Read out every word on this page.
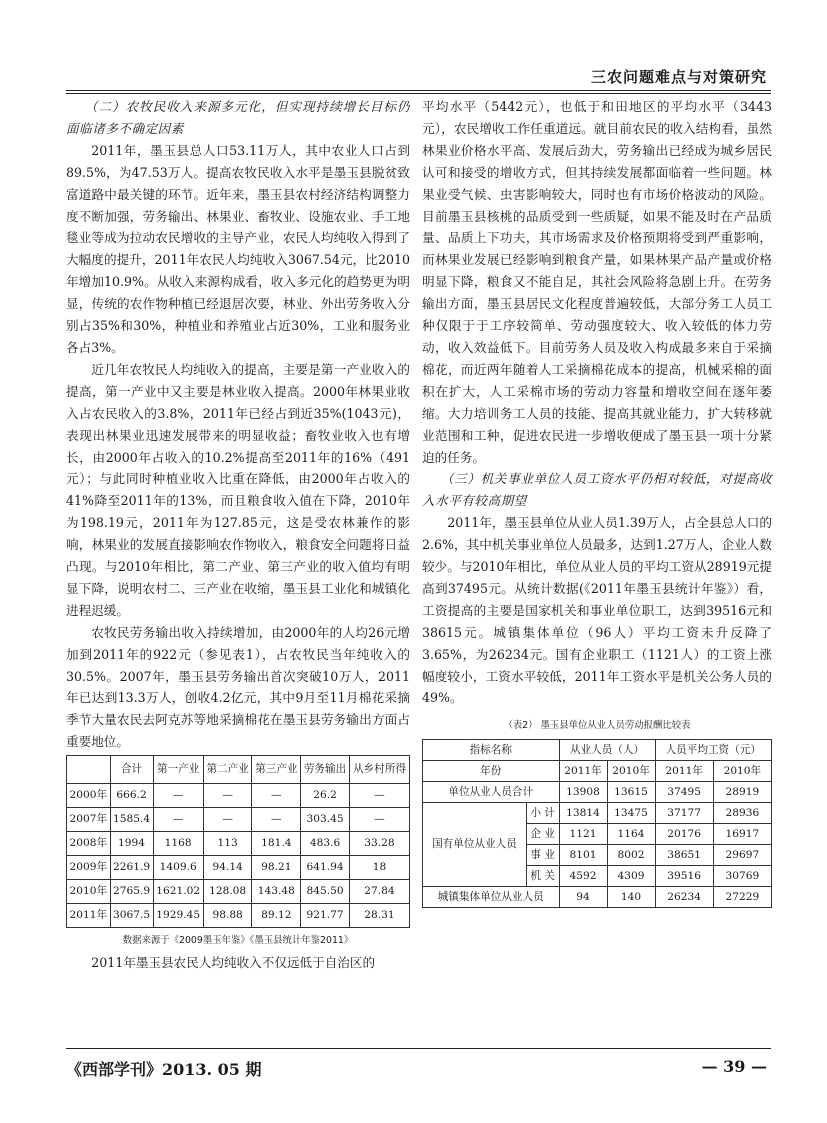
三农问题难点与对策研究

（二）农牧民收入来源多元化，但实现持续增长目标仍面临诸多不确定因素

2011年，墨玉县总人口53.11万人，其中农业人口占到89.5%，为47.53万人。提高农牧民收入水平是墨玉县脱贫致富道路中最关键的环节。近年来，墨玉县农村经济结构调整力度不断加强，劳务输出、林果业、畜牧业、设施农业、手工地毯业等成为拉动农民增收的主导产业，农民人均纯收入得到了大幅度的提升，2011年农民人均纯收入3067.54元，比2010年增加10.9%。从收入来源构成看，收入多元化的趋势更为明显，传统的农作物种植已经退居次要，林业、外出劳务收入分别占35%和30%，种植业和养殖业占近30%，工业和服务业各占3%。

近几年农牧民人均纯收入的提高，主要是第一产业收入的提高，第一产业中又主要是林业收入提高。2000年林果业收入占农民收入的3.8%，2011年已经占到近35%(1043元)，表现出林果业迅速发展带来的明显收益；畜牧业收入也有增长，由2000年占收入的10.2%提高至2011年的16%（491元）；与此同时种植业收入比重在降低，由2000年占收入的41%降至2011年的13%，而且粮食收入值在下降，2010年为198.19元，2011年为127.85元，这是受农林兼作的影响，林果业的发展直接影响农作物收入，粮食安全问题将日益凸现。与2010年相比，第二产业、第三产业的收入值均有明显下降，说明农村二、三产业在收缩，墨玉县工业化和城镇化进程迟缓。

农牧民劳务输出收入持续增加，由2000年的人均26元增加到2011年的922元（参见表1），占农牧民当年纯收入的30.5%。2007年，墨玉县劳务输出首次突破10万人，2011年已达到13.3万人，创收4.2亿元，其中9月至11月棉花采摘季节大量农民去阿克苏等地采摘棉花在墨玉县劳务输出方面占重要地位。

	合计	第一产业	第二产业	第三产业	劳务输出	从乡村所得
2000年	666.2	—	—	—	26.2	—
2007年	1585.4	—	—	—	303.45	—
2008年	1994	1168	113	181.4	483.6	33.28
2009年	2261.9	1409.6	94.14	98.21	641.94	18
2010年	2765.9	1621.02	128.08	143.48	845.50	27.84
2011年	3067.5	1929.45	98.88	89.12	921.77	28.31
数据来源于《2009墨玉年鉴》《墨玉县统计年鉴2011》

2011年墨玉县农民人均纯收入不仅远低于自治区的

平均水平（5442元），也低于和田地区的平均水平（3443元），农民增收工作任重道远。就目前农民的收入结构看，虽然林果业价格水平高、发展后劲大，劳务输出已经成为城乡居民认可和接受的增收方式，但其持续发展都面临着一些问题。林果业受气候、虫害影响较大，同时也有市场价格波动的风险。目前墨玉县核桃的品质受到一些质疑，如果不能及时在产品质量、品质上下功夫，其市场需求及价格预期将受到严重影响，而林果业发展已经影响到粮食产量，如果林果产品产量或价格明显下降，粮食又不能自足，其社会风险将急剧上升。在劳务输出方面，墨玉县居民文化程度普遍较低，大部分务工人员工种仅限于于工序较简单、劳动强度较大、收入较低的体力劳动，收入效益低下。目前劳务人员及收入构成最多来自于采摘棉花，而近两年随着人工采摘棉花成本的提高，机械采棉的面积在扩大，人工采棉市场的劳动力容量和增收空间在逐年萎缩。大力培训务工人员的技能、提高其就业能力，扩大转移就业范围和工种，促进农民进一步增收便成了墨玉县一项十分紧迫的任务。

（三）机关事业单位人员工资水平仍相对较低，对提高收入水平有较高期望

2011年，墨玉县单位从业人员1.39万人，占全县总人口的2.6%，其中机关事业单位人员最多，达到1.27万人，企业人数较少。与2010年相比，单位从业人员的平均工资从28919元提高到37495元。从统计数据(《2011年墨玉县统计年鉴》）看，工资提高的主要是国家机关和事业单位职工，达到39516元和38615元。城镇集体单位（96人）平均工资未升反降了3.65%，为26234元。国有企业职工（1121人）的工资上涨幅度较小，工资水平较低，2011年工资水平是机关公务人员的49%。

（表2） 墨玉县单位从业人员劳动报酬比较表
指标名称		从业人员（人）		人员平均工资（元）	
年份		2011年	2010年	2011年	2010年
单位从业人员合计		13908	13615	37495	28919
国有单位从业人员	小 计	13814	13475	37177	28936
	企 业	1121	1164	20176	16917
	事 业	8101	8002	38651	29697
	机 关	4592	4309	39516	30769
城镇集体单位从业人员		94	140	26234	27229
《西部学刊》2013. 05 期	— 39 —
